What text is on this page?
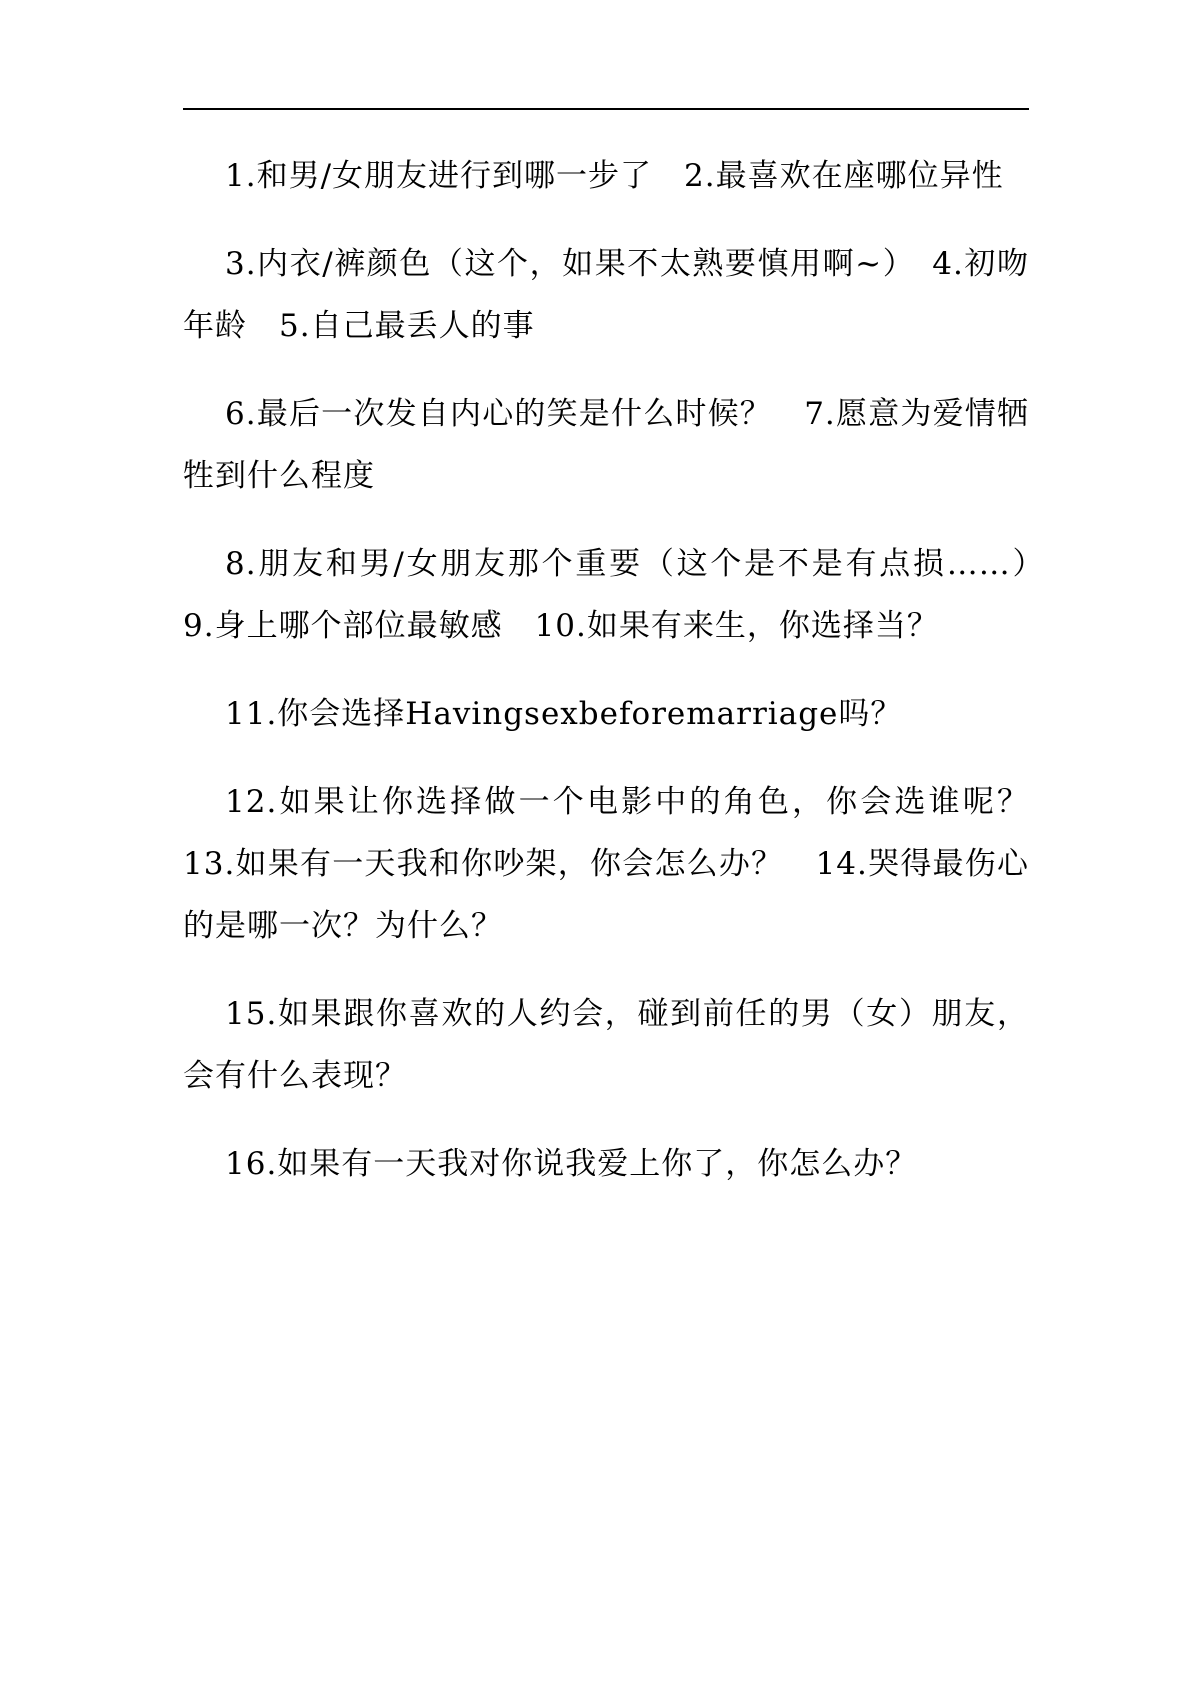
1.和男/女朋友进行到哪一步了　2.最喜欢在座哪位异性

3.内衣/裤颜色（这个，如果不太熟要慎用啊~）　4.初吻年龄　5.自己最丢人的事

6.最后一次发自内心的笑是什么时候？　7.愿意为爱情牺牲到什么程度

8.朋友和男/女朋友那个重要（这个是不是有点损……）　9.身上哪个部位最敏感　10.如果有来生，你选择当？

11.你会选择Havingsexbeforemarriage吗？

12.如果让你选择做一个电影中的角色，你会选谁呢？　13.如果有一天我和你吵架，你会怎么办？　14.哭得最伤心的是哪一次？为什么？

15.如果跟你喜欢的人约会，碰到前任的男（女）朋友，会有什么表现？

16.如果有一天我对你说我爱上你了，你怎么办？
